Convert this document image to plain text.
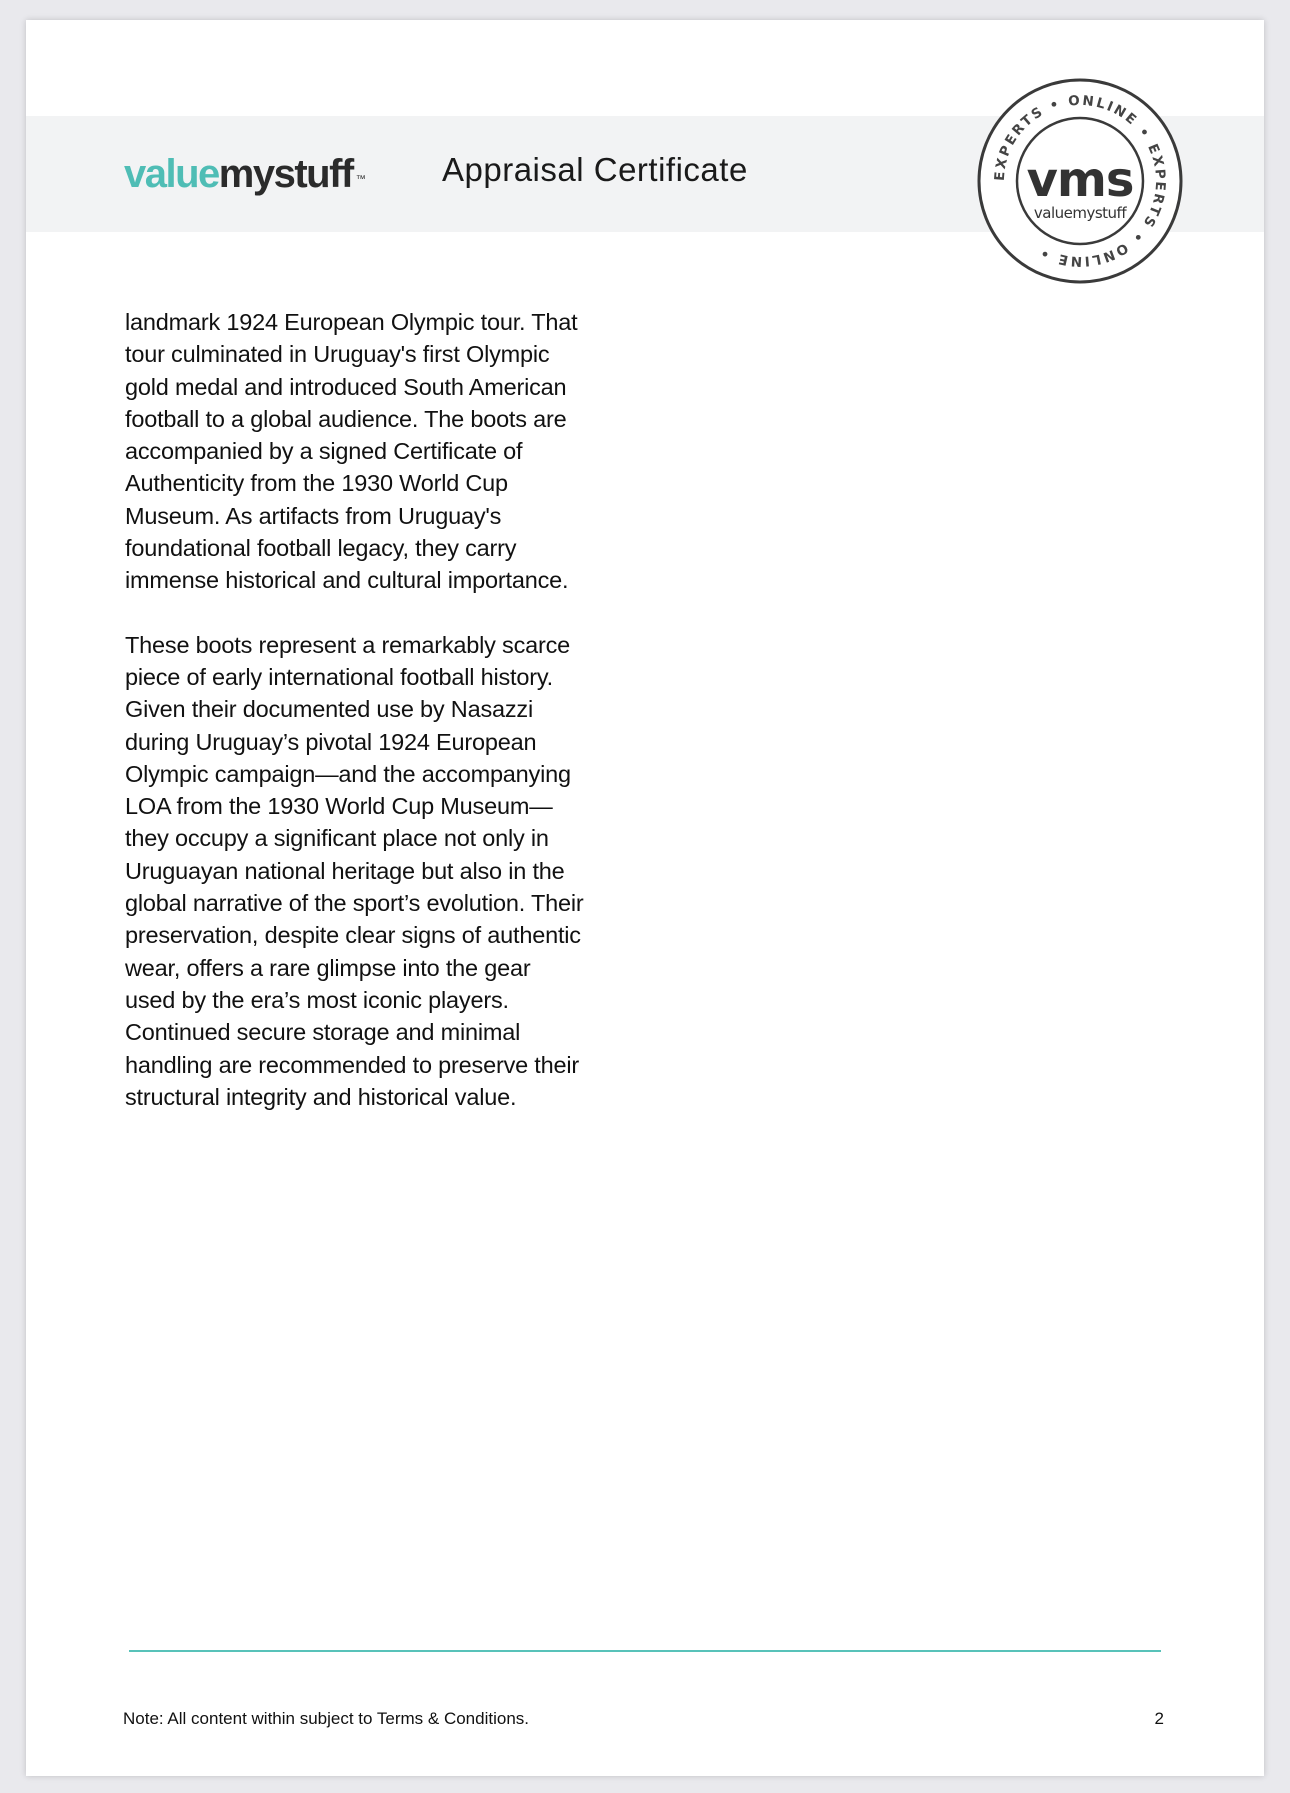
valuemystuff ™ Appraisal Certificate	EXPERTS • ONLINE • EXPERTS • ONLINE •
vms
valuemystuff

landmark 1924 European Olympic tour. That tour culminated in Uruguay's first Olympic gold medal and introduced South American football to a global audience. The boots are accompanied by a signed Certificate of Authenticity from the 1930 World Cup Museum. As artifacts from Uruguay's foundational football legacy, they carry immense historical and cultural importance.

These boots represent a remarkably scarce piece of early international football history. Given their documented use by Nasazzi during Uruguay’s pivotal 1924 European Olympic campaign—and the accompanying LOA from the 1930 World Cup Museum—they occupy a significant place not only in Uruguayan national heritage but also in the global narrative of the sport’s evolution. Their preservation, despite clear signs of authentic wear, offers a rare glimpse into the gear used by the era’s most iconic players. Continued secure storage and minimal handling are recommended to preserve their structural integrity and historical value.

Note: All content within subject to Terms & Conditions.	2
